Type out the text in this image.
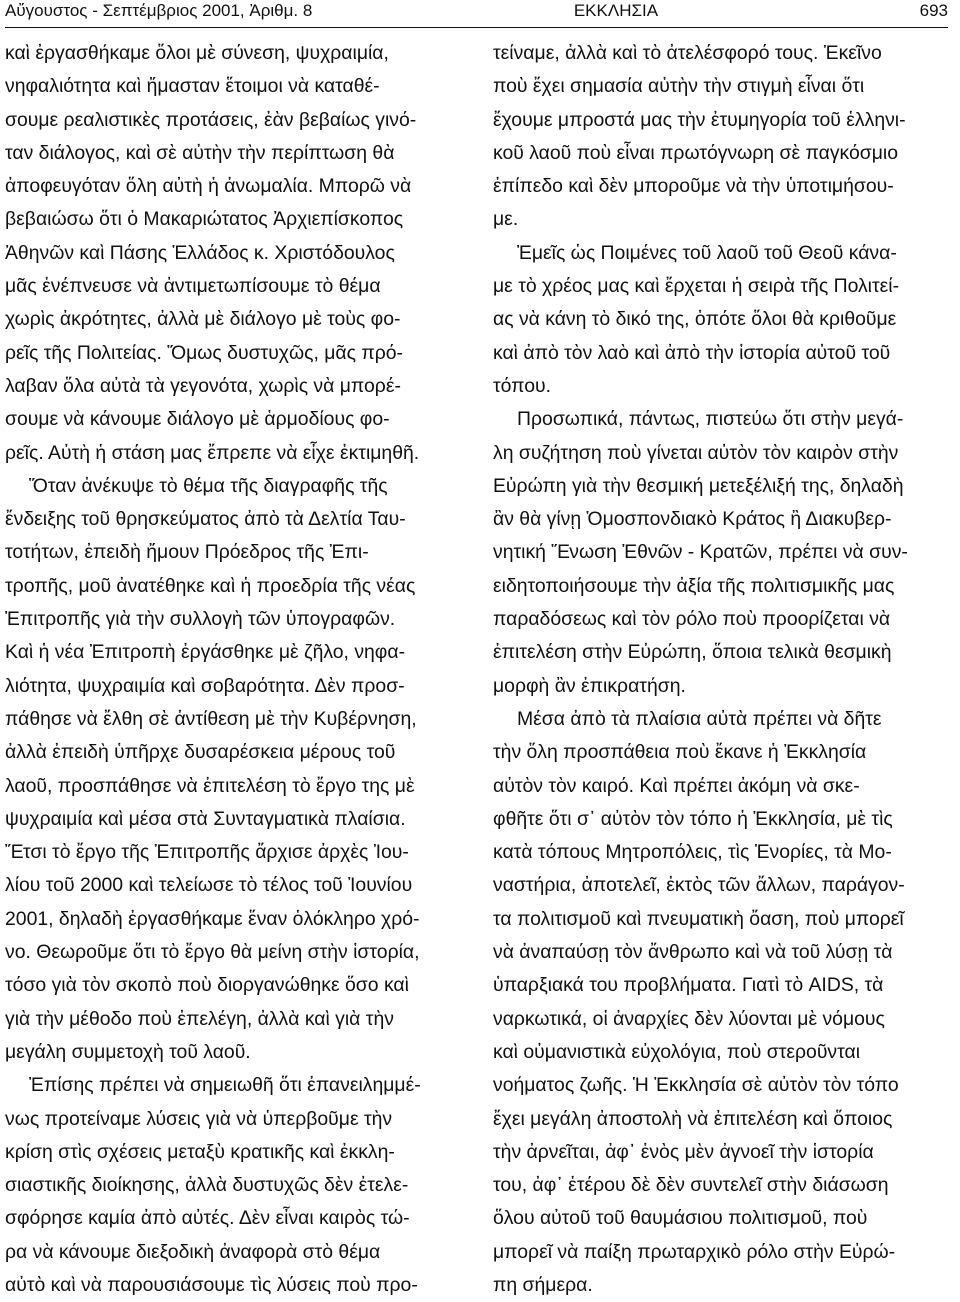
Αὔγουστος - Σεπτέμβριος 2001, Ἀριθμ. 8	ΕΚΚΛΗΣΙΑ	693
καὶ ἐργασθήκαμε ὅλοι μὲ σύνεση, ψυχραιμία,
νηφαλιότητα καὶ ἤμασταν ἕτοιμοι νὰ καταθέ-
σουμε ρεαλιστικὲς προτάσεις, ἐὰν βεβαίως γινό-
ταν διάλογος, καὶ σὲ αὐτὴν τὴν περίπτωση θὰ
ἀποφευγόταν ὅλη αὐτὴ ἡ ἀνωμαλία. Μπορῶ νὰ
βεβαιώσω ὅτι ὁ Μακαριώτατος Ἀρχιεπίσκοπος
Ἀθηνῶν καὶ Πάσης Ἑλλάδος κ. Χριστόδουλος
μᾶς ἐνέπνευσε νὰ ἀντιμετωπίσουμε τὸ θέμα
χωρὶς ἀκρότητες, ἀλλὰ μὲ διάλογο μὲ τοὺς φο-
ρεῖς τῆς Πολιτείας. Ὅμως δυστυχῶς, μᾶς πρό-
λαβαν ὅλα αὐτὰ τὰ γεγονότα, χωρὶς νὰ μπορέ-
σουμε νὰ κάνουμε διάλογο μὲ ἁρμοδίους φο-
ρεῖς. Αὐτὴ ἡ στάση μας ἔπρεπε νὰ εἶχε ἐκτιμηθῆ.
Ὅταν ἀνέκυψε τὸ θέμα τῆς διαγραφῆς τῆς
ἔνδειξης τοῦ θρησκεύματος ἀπὸ τὰ Δελτία Ταυ-
τοτήτων, ἐπειδὴ ἤμουν Πρόεδρος τῆς Ἐπι-
τροπῆς, μοῦ ἀνατέθηκε καὶ ἡ προεδρία τῆς νέας
Ἐπιτροπῆς γιὰ τὴν συλλογὴ τῶν ὑπογραφῶν.
Καὶ ἡ νέα Ἐπιτροπὴ ἐργάσθηκε μὲ ζῆλο, νηφα-
λιότητα, ψυχραιμία καὶ σοβαρότητα. Δὲν προσ-
πάθησε νὰ ἔλθη σὲ ἀντίθεση μὲ τὴν Κυβέρνηση,
ἀλλὰ ἐπειδὴ ὑπῆρχε δυσαρέσκεια μέρους τοῦ
λαοῦ, προσπάθησε νὰ ἐπιτελέση τὸ ἔργο της μὲ
ψυχραιμία καὶ μέσα στὰ Συνταγματικὰ πλαίσια.
Ἔτσι τὸ ἔργο τῆς Ἐπιτροπῆς ἄρχισε ἀρχὲς Ἰου-
λίου τοῦ 2000 καὶ τελείωσε τὸ τέλος τοῦ Ἰουνίου
2001, δηλαδὴ ἐργασθήκαμε ἕναν ὁλόκληρο χρό-
νο. Θεωροῦμε ὅτι τὸ ἔργο θὰ μείνη στὴν ἱστορία,
τόσο γιὰ τὸν σκοπὸ ποὺ διοργανώθηκε ὅσο καὶ
γιὰ τὴν μέθοδο ποὺ ἐπελέγη, ἀλλὰ καὶ γιὰ τὴν
μεγάλη συμμετοχὴ τοῦ λαοῦ.
Ἐπίσης πρέπει νὰ σημειωθῆ ὅτι ἐπανειλημμέ-
νως προτείναμε λύσεις γιὰ νὰ ὑπερβοῦμε τὴν
κρίση στὶς σχέσεις μεταξὺ κρατικῆς καὶ ἐκκλη-
σιαστικῆς διοίκησης, ἀλλὰ δυστυχῶς δὲν ἐτελε-
σφόρησε καμία ἀπὸ αὐτές. Δὲν εἶναι καιρὸς τώ-
ρα νὰ κάνουμε διεξοδικὴ ἀναφορὰ στὸ θέμα
αὐτὸ καὶ νὰ παρουσιάσουμε τὶς λύσεις ποὺ προ-
τείναμε, ἀλλὰ καὶ τὸ ἀτελέσφορό τους. Ἐκεῖνο
ποὺ ἔχει σημασία αὐτὴν τὴν στιγμὴ εἶναι ὅτι
ἔχουμε μπροστά μας τὴν ἐτυμηγορία τοῦ ἑλληνι-
κοῦ λαοῦ ποὺ εἶναι πρωτόγνωρη σὲ παγκόσμιο
ἐπίπεδο καὶ δὲν μποροῦμε νὰ τὴν ὑποτιμήσου-
με.
Ἐμεῖς ὡς Ποιμένες τοῦ λαοῦ τοῦ Θεοῦ κάνα-
με τὸ χρέος μας καὶ ἔρχεται ἡ σειρὰ τῆς Πολιτεί-
ας νὰ κάνη τὸ δικό της, ὁπότε ὅλοι θὰ κριθοῦμε
καὶ ἀπὸ τὸν λαὸ καὶ ἀπὸ τὴν ἱστορία αὐτοῦ τοῦ
τόπου.
Προσωπικά, πάντως, πιστεύω ὅτι στὴν μεγά-
λη συζήτηση ποὺ γίνεται αὐτὸν τὸν καιρὸν στὴν
Εὐρώπη γιὰ τὴν θεσμική μετεξέλιξή της, δηλαδὴ
ἂν θὰ γίνῃ Ὁμοσπονδιακὸ Κράτος ἢ Διακυβερ-
νητική Ἕνωση Ἐθνῶν - Κρατῶν, πρέπει νὰ συν-
ειδητοποιήσουμε τὴν ἀξία τῆς πολιτισμικῆς μας
παραδόσεως καὶ τὸν ρόλο ποὺ προορίζεται νὰ
ἐπιτελέση στὴν Εὐρώπη, ὅποια τελικὰ θεσμικὴ
μορφὴ ἂν ἐπικρατήση.
Μέσα ἀπὸ τὰ πλαίσια αὐτὰ πρέπει νὰ δῆτε
τὴν ὅλη προσπάθεια ποὺ ἔκανε ἡ Ἐκκλησία
αὐτὸν τὸν καιρό. Καὶ πρέπει ἀκόμη νὰ σκε-
φθῆτε ὅτι σ᾽ αὐτὸν τὸν τόπο ἡ Ἐκκλησία, μὲ τὶς
κατὰ τόπους Μητροπόλεις, τὶς Ἐνορίες, τὰ Μο-
ναστήρια, ἀποτελεῖ, ἐκτὸς τῶν ἄλλων, παράγον-
τα πολιτισμοῦ καὶ πνευματικὴ ὄαση, ποὺ μπορεῖ
νὰ ἀναπαύσῃ τὸν ἄνθρωπο καὶ νὰ τοῦ λύσῃ τὰ
ὑπαρξιακά του προβλήματα. Γιατὶ τὸ AIDS, τὰ
ναρκωτικά, οἱ ἀναρχίες δὲν λύονται μὲ νόμους
καὶ οὐμανιστικὰ εὐχολόγια, ποὺ στεροῦνται
νοήματος ζωῆς. Ἡ Ἐκκλησία σὲ αὐτὸν τὸν τόπο
ἔχει μεγάλη ἀποστολὴ νὰ ἐπιτελέση καὶ ὅποιος
τὴν ἀρνεῖται, ἀφ᾽ ἑνὸς μὲν ἀγνοεῖ τὴν ἱστορία
του, ἀφ᾽ ἑτέρου δὲ δὲν συντελεῖ στὴν διάσωση
ὅλου αὐτοῦ τοῦ θαυμάσιου πολιτισμοῦ, ποὺ
μπορεῖ νὰ παίξη πρωταρχικὸ ρόλο στὴν Εὐρώ-
πη σήμερα.
